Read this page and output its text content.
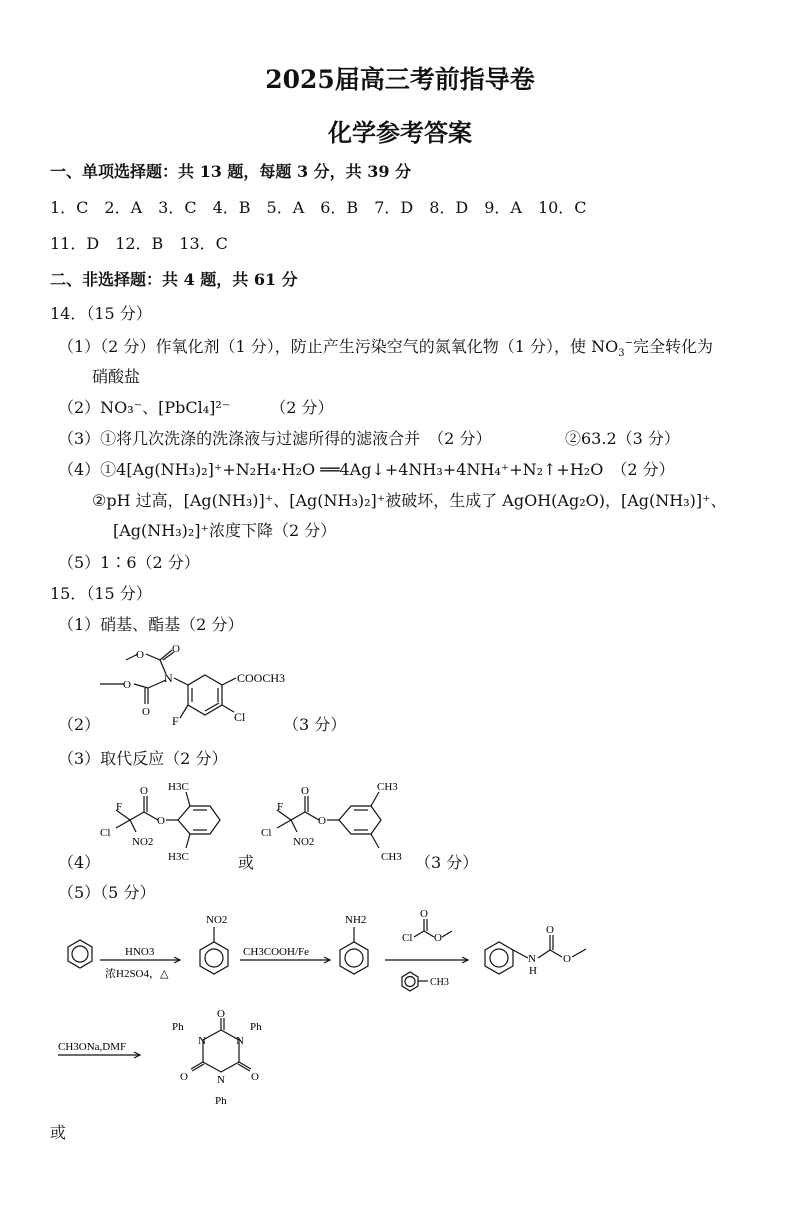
2025届高三考前指导卷
化学参考答案
一、单项选择题：共 13 题，每题 3 分，共 39 分
1．C　2．A　3．C　4．B　5．A　6．B　7．D　8．D　9．A　10．C
11．D　12．B　13．C
二、非选择题：共 4 题，共 61 分
14．（15 分）
（1）（2 分）作氧化剂（1 分），防止产生污染空气的氮氧化物（1 分），使 $NO_3^-$完全转化为
硝酸盐
（2）NO₃⁻、[PbCl₄]²⁻　　　（2 分）
（3）①将几次洗涤的洗涤液与过滤所得的滤液合并　（2 分）	②63.2（3 分）
（4）①4[Ag(NH₃)₂]⁺+N₂H₄·H₂O ══4Ag↓+4NH₃+4NH₄⁺+N₂↑+H₂O　（2 分）
②pH 过高，[Ag(NH₃)]⁺、[Ag(NH₃)₂]⁺被破坏，生成了 AgOH(Ag₂O)，[Ag(NH₃)]⁺、
[Ag(NH₃)₂]⁺浓度下降（2 分）
（5）1∶6（2 分）
15．（15 分）
（1）硝基、酯基（2 分）
N
O
O
O
O	COOCH3
Cl
F
（2）	（3 分）
（3）取代反应（2 分）
F
Cl
O
O
NO2
H3C
H3C
F
Cl
O
O
NO2
CH3
CH3
（4）	或	（3 分）
（5）（5 分）
HNO3
浓H2SO4，△
NO2
CH3COOH/Fe
NH2
Cl
O
O
CH3
N
H
O
O
CH3ONa,DMF
O
O	O
N	N
N
Ph	Ph
Ph
或
